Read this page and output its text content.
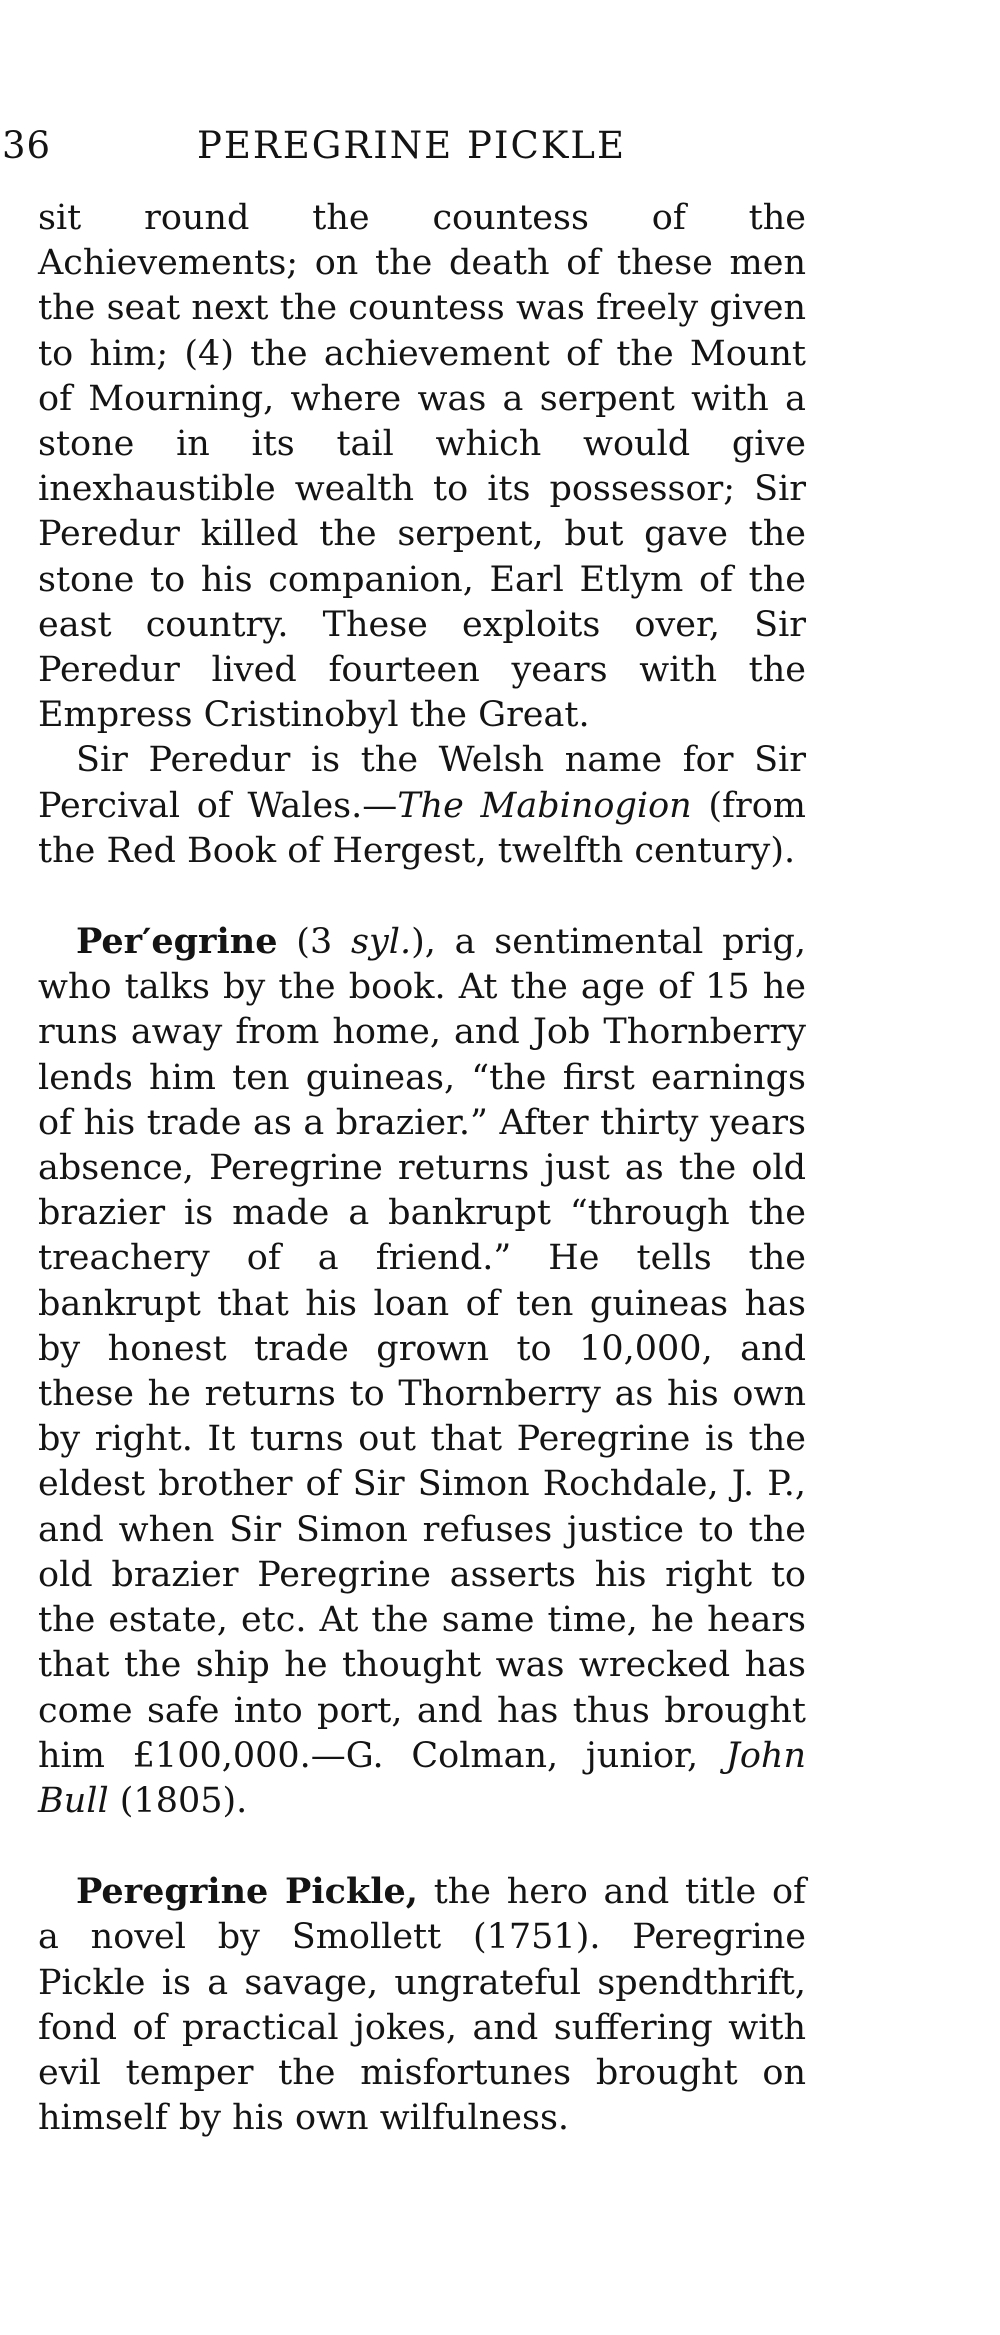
36	PEREGRINE PICKLE

sit round the countess of the Achievements; on the death of these men the seat next the countess was freely given to him; (4) the achievement of the Mount of Mourning, where was a serpent with a stone in its tail which would give inexhaustible wealth to its possessor; Sir Peredur killed the serpent, but gave the stone to his companion, Earl Etlym of the east country. These exploits over, Sir Peredur lived fourteen years with the Empress Cristinobyl the Great.

Sir Peredur is the Welsh name for Sir Percival of Wales.—The Mabinogion (from the Red Book of Hergest, twelfth century).

Per′egrine (3 syl.), a sentimental prig, who talks by the book. At the age of 15 he runs away from home, and Job Thornberry lends him ten guineas, “the first earnings of his trade as a brazier.” After thirty years absence, Peregrine returns just as the old brazier is made a bankrupt “through the treachery of a friend.” He tells the bankrupt that his loan of ten guineas has by honest trade grown to 10,000, and these he returns to Thornberry as his own by right. It turns out that Peregrine is the eldest brother of Sir Simon Rochdale, J. P., and when Sir Simon refuses justice to the old brazier Peregrine asserts his right to the estate, etc. At the same time, he hears that the ship he thought was wrecked has come safe into port, and has thus brought him £100,000.—G. Colman, junior, John Bull (1805).

Peregrine Pickle, the hero and title of a novel by Smollett (1751). Peregrine Pickle is a savage, ungrateful spendthrift, fond of practical jokes, and suffering with evil temper the misfortunes brought on himself by his own wilfulness.
